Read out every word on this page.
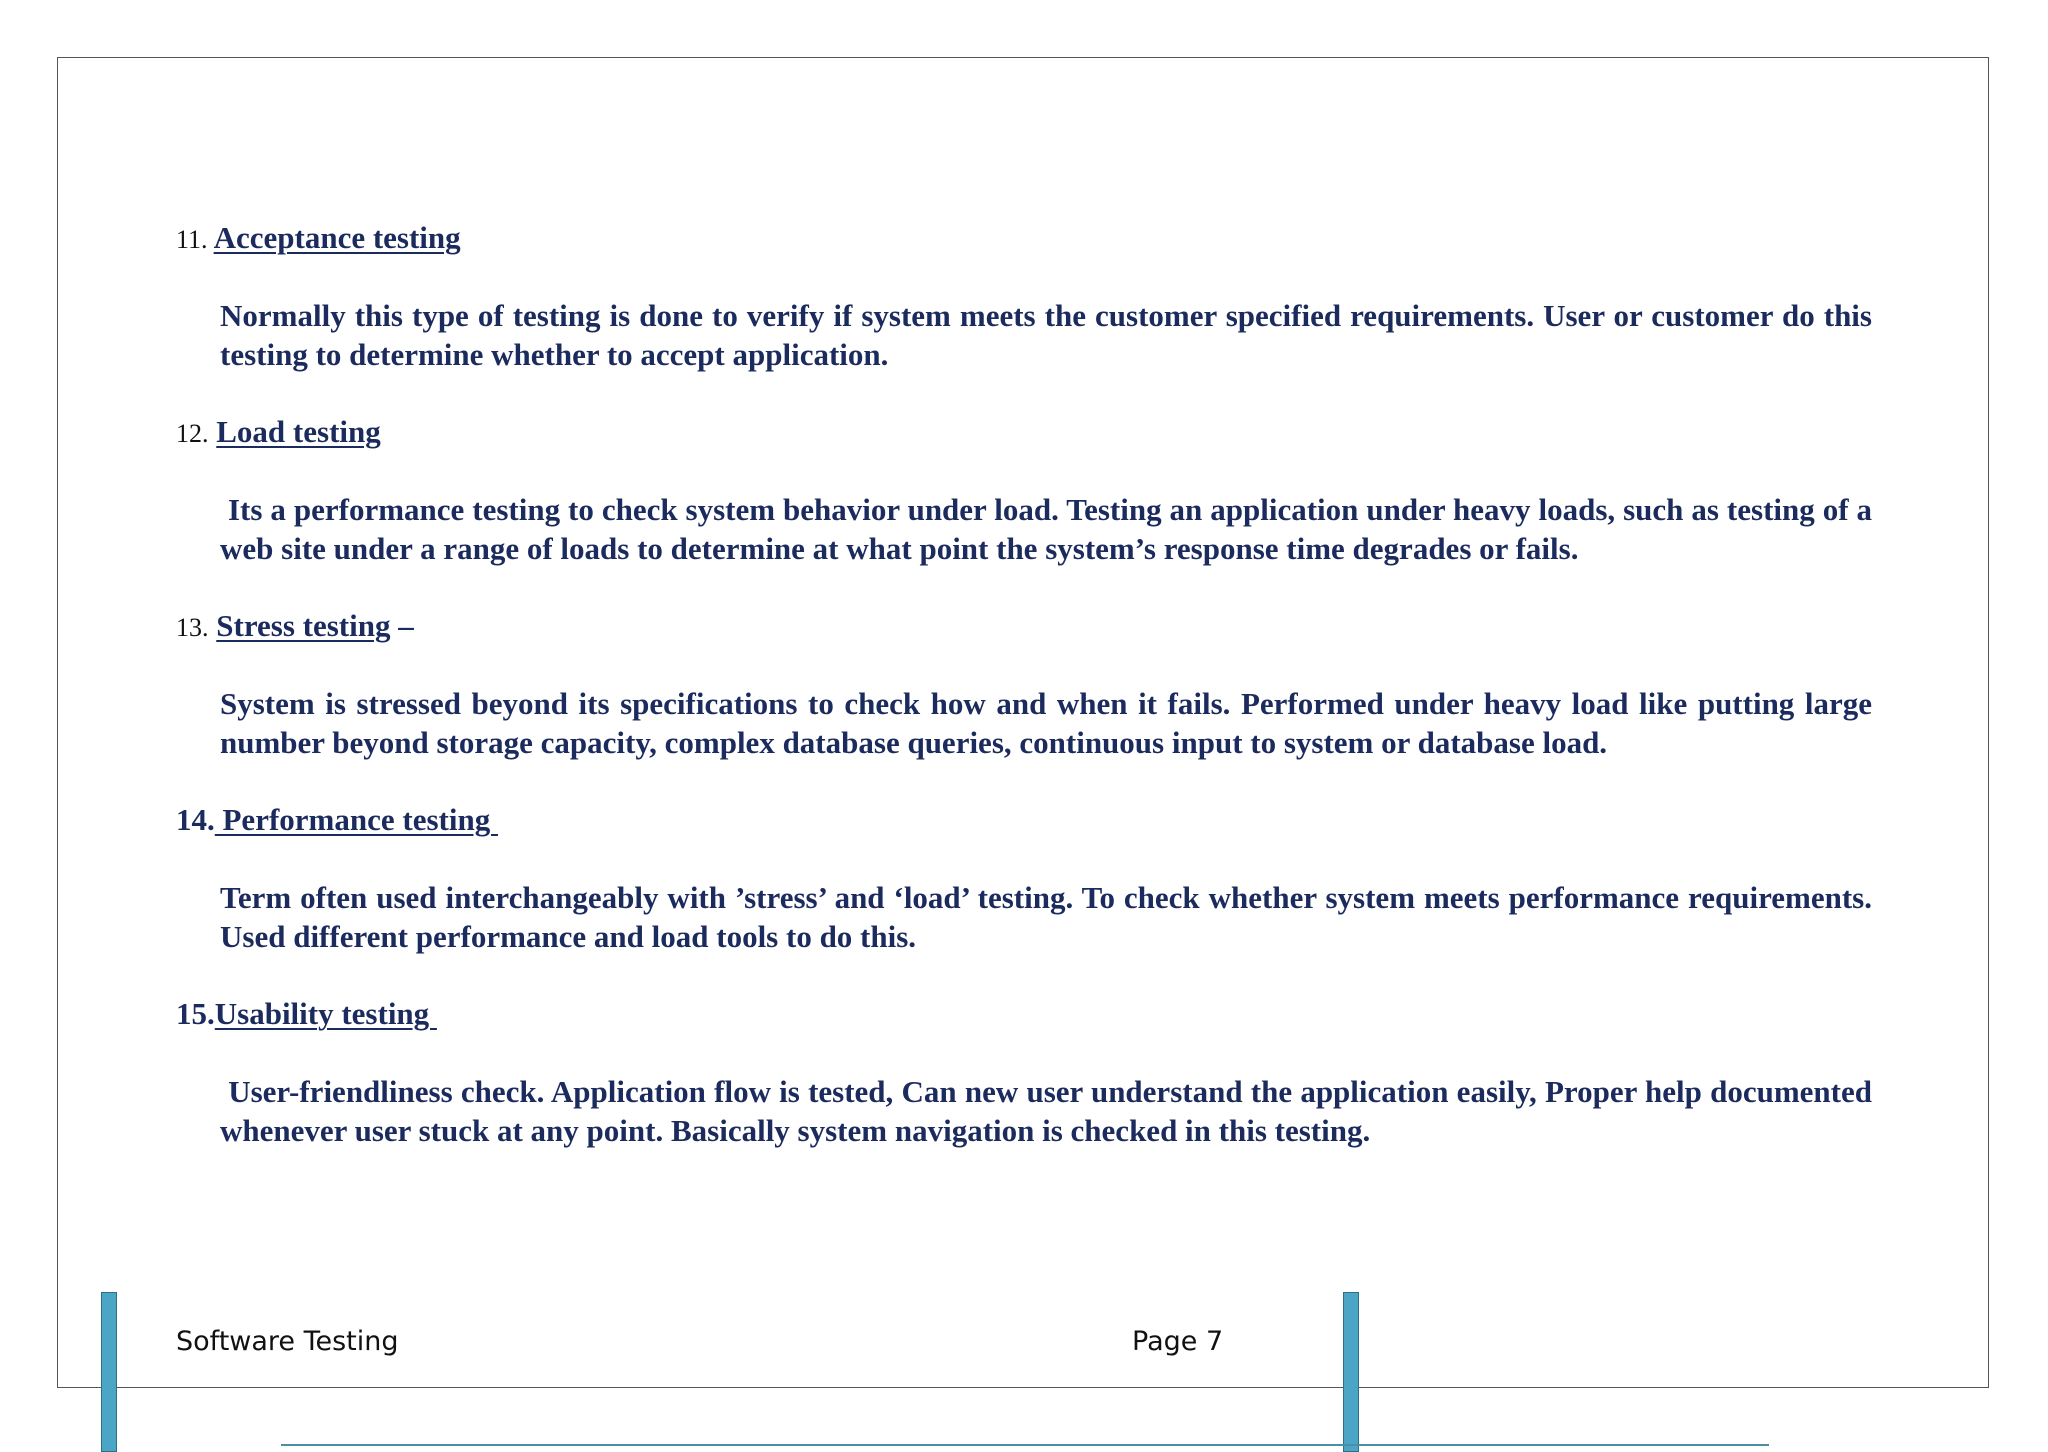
11. Acceptance testing

Normally this type of testing is done to verify if system meets the customer specified requirements. User or customer do this testing to determine whether to accept application.

12. Load testing

Its a performance testing to check system behavior under load. Testing an application under heavy loads, such as testing of a web site under a range of loads to determine at what point the system’s response time degrades or fails.

13. Stress testing –

System is stressed beyond its specifications to check how and when it fails. Performed under heavy load like putting large number beyond storage capacity, complex database queries, continuous input to system or database load.

14. Performance testing

Term often used interchangeably with ’stress’ and ‘load’ testing. To check whether system meets performance requirements. Used different performance and load tools to do this.

15.Usability testing

User-friendliness check. Application flow is tested, Can new user understand the application easily, Proper help documented whenever user stuck at any point. Basically system navigation is checked in this testing.

Software Testing	Page 7
